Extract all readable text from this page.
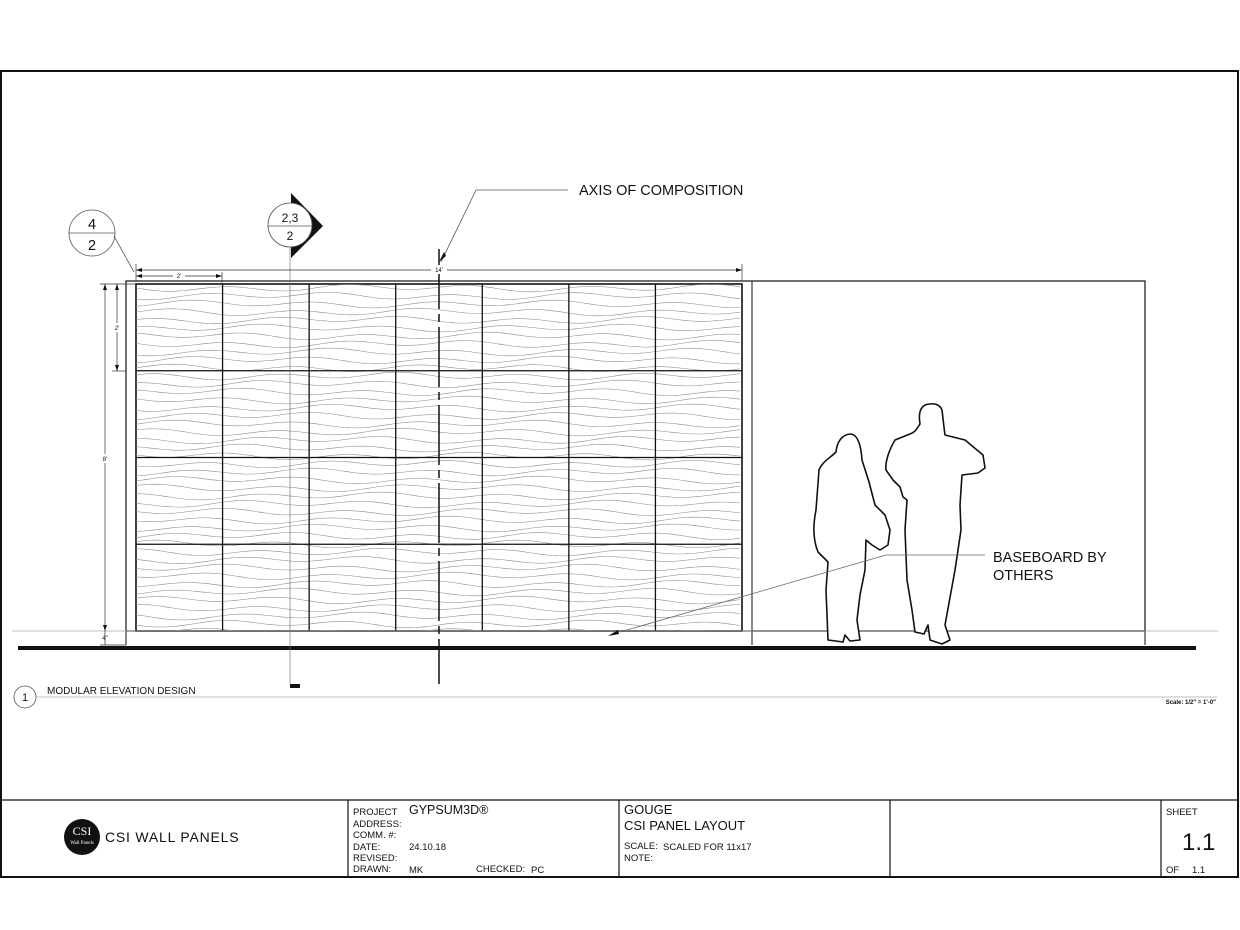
AXIS OF COMPOSITION
4
2
2,3
2
14'
2'
2'
8'
4"
BASEBOARD BY
OTHERS
1
MODULAR ELEVATION DESIGN
Scale: 1/2" = 1'-0"
CSI
Wall Panels CSI WALL PANELS
PROJECT GYPSUM3D®
ADDRESS:
COMM. #:
DATE:	24.10.18
REVISED:
DRAWN: MK	CHECKED: PC
GOUGE
CSI PANEL LAYOUT
SCALE: SCALED FOR 11x17
NOTE:
SHEET
1.1
OF 1.1
